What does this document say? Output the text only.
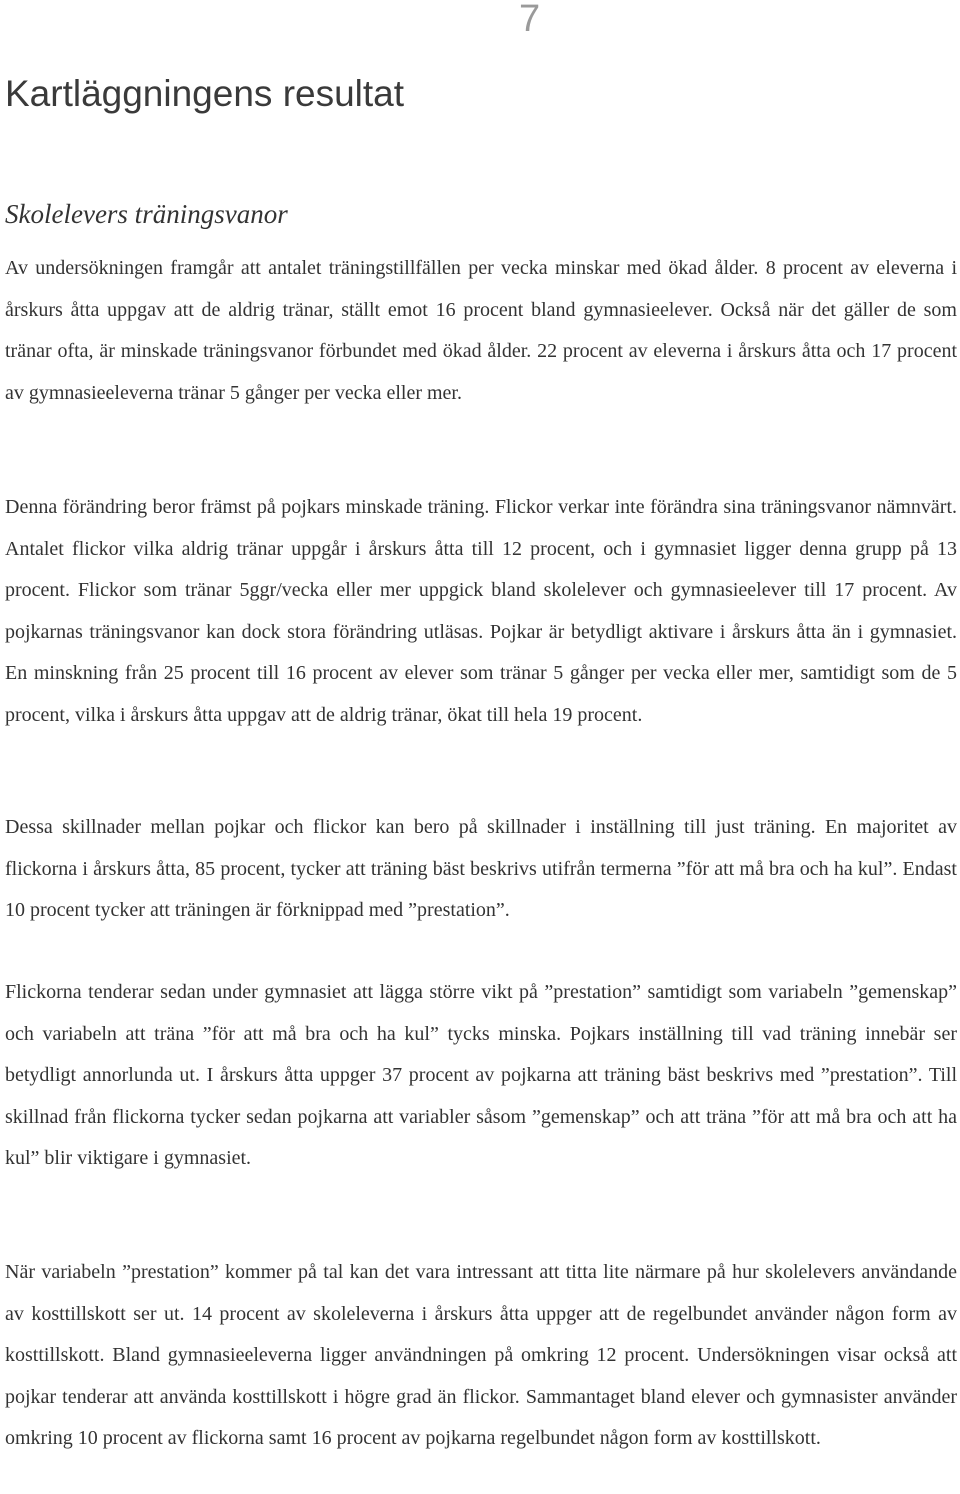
7
Kartläggningens resultat
Skolelevers träningsvanor

Av undersökningen framgår att antalet träningstillfällen per vecka minskar med ökad ålder. 8 procent av eleverna i årskurs åtta uppgav att de aldrig tränar, ställt emot 16 procent bland gymnasieelever. Också när det gäller de som tränar ofta, är minskade träningsvanor förbundet med ökad ålder. 22 procent av eleverna i årskurs åtta och 17 procent av gymnasieeleverna tränar 5 gånger per vecka eller mer.

Denna förändring beror främst på pojkars minskade träning. Flickor verkar inte förändra sina träningsvanor nämnvärt. Antalet flickor vilka aldrig tränar uppgår i årskurs åtta till 12 procent, och i gymnasiet ligger denna grupp på 13 procent. Flickor som tränar 5ggr/vecka eller mer uppgick bland skolelever och gymnasieelever till 17 procent. Av pojkarnas träningsvanor kan dock stora förändring utläsas. Pojkar är betydligt aktivare i årskurs åtta än i gymnasiet. En minskning från 25 procent till 16 procent av elever som tränar 5 gånger per vecka eller mer, samtidigt som de 5 procent, vilka i årskurs åtta uppgav att de aldrig tränar, ökat till hela 19 procent.

Dessa skillnader mellan pojkar och flickor kan bero på skillnader i inställning till just träning. En majoritet av flickorna i årskurs åtta, 85 procent, tycker att träning bäst beskrivs utifrån termerna ”för att må bra och ha kul”. Endast 10 procent tycker att träningen är förknippad med ”prestation”.

Flickorna tenderar sedan under gymnasiet att lägga större vikt på ”prestation” samtidigt som variabeln ”gemenskap” och variabeln att träna ”för att må bra och ha kul” tycks minska. Pojkars inställning till vad träning innebär ser betydligt annorlunda ut. I årskurs åtta uppger 37 procent av pojkarna att träning bäst beskrivs med ”prestation”. Till skillnad från flickorna tycker sedan pojkarna att variabler såsom ”gemenskap” och att träna ”för att må bra och att ha kul” blir viktigare i gymnasiet.

När variabeln ”prestation” kommer på tal kan det vara intressant att titta lite närmare på hur skolelevers användande av kosttillskott ser ut. 14 procent av skoleleverna i årskurs åtta uppger att de regelbundet använder någon form av kosttillskott. Bland gymnasieeleverna ligger användningen på omkring 12 procent. Undersökningen visar också att pojkar tenderar att använda kosttillskott i högre grad än flickor. Sammantaget bland elever och gymnasister använder omkring 10 procent av flickorna samt 16 procent av pojkarna regelbundet någon form av kosttillskott.
